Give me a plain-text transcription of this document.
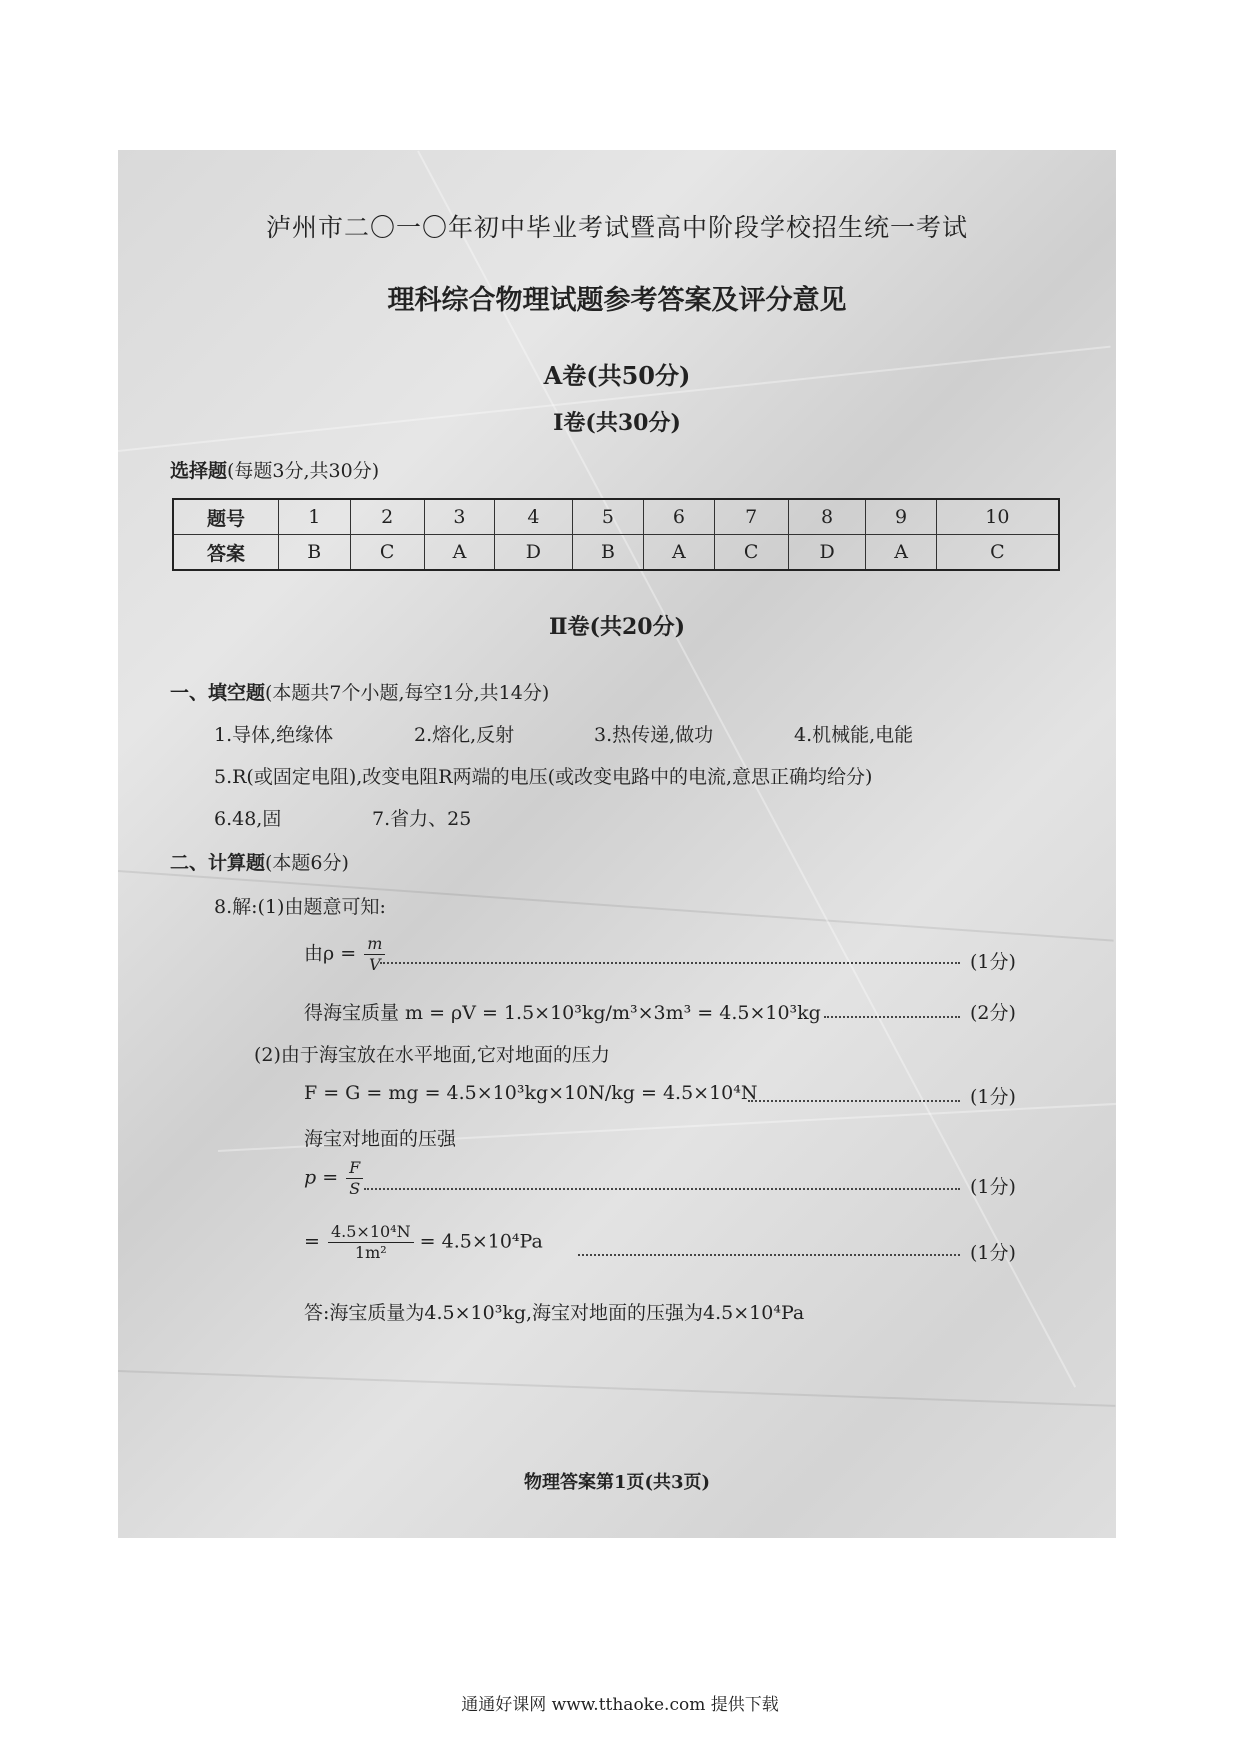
泸州市二〇一〇年初中毕业考试暨高中阶段学校招生统一考试
理科综合物理试题参考答案及评分意见
A卷(共50分)
Ⅰ卷(共30分)
选择题(每题3分,共30分)
题号	1	2	3	4	5	6	7	8	9	10
答案	B	C	A	D	B	A	C	D	A	C
Ⅱ卷(共20分)
一、填空题(本题共7个小题,每空1分,共14分)
1.导体,绝缘体	2.熔化,反射	3.热传递,做功	4.机械能,电能
5.R(或固定电阻),改变电阻R两端的电压(或改变电路中的电流,意思正确均给分)
6.48,固	7.省力、25
二、计算题(本题6分)
8.解:(1)由题意可知:
由$\rho = \frac{m}{V}$	(1分)
得海宝质量 m = ρV = 1.5×10³kg/m³×3m³ = 4.5×10³kg	(2分)
(2)由于海宝放在水平地面,它对地面的压力
F = G = mg = 4.5×10³kg×10N/kg = 4.5×10⁴N	(1分)
海宝对地面的压强
$p = \frac{F}{S}$	(1分)
= $\frac{\text{4.5×10⁴N}}{\text{1m²}} = 4.5\times 10^4Pa$
(1分)
答:海宝质量为4.5×10³kg,海宝对地面的压强为4.5×10⁴Pa
物理答案第1页(共3页)
通通好课网 www.tthaoke.com 提供下载
